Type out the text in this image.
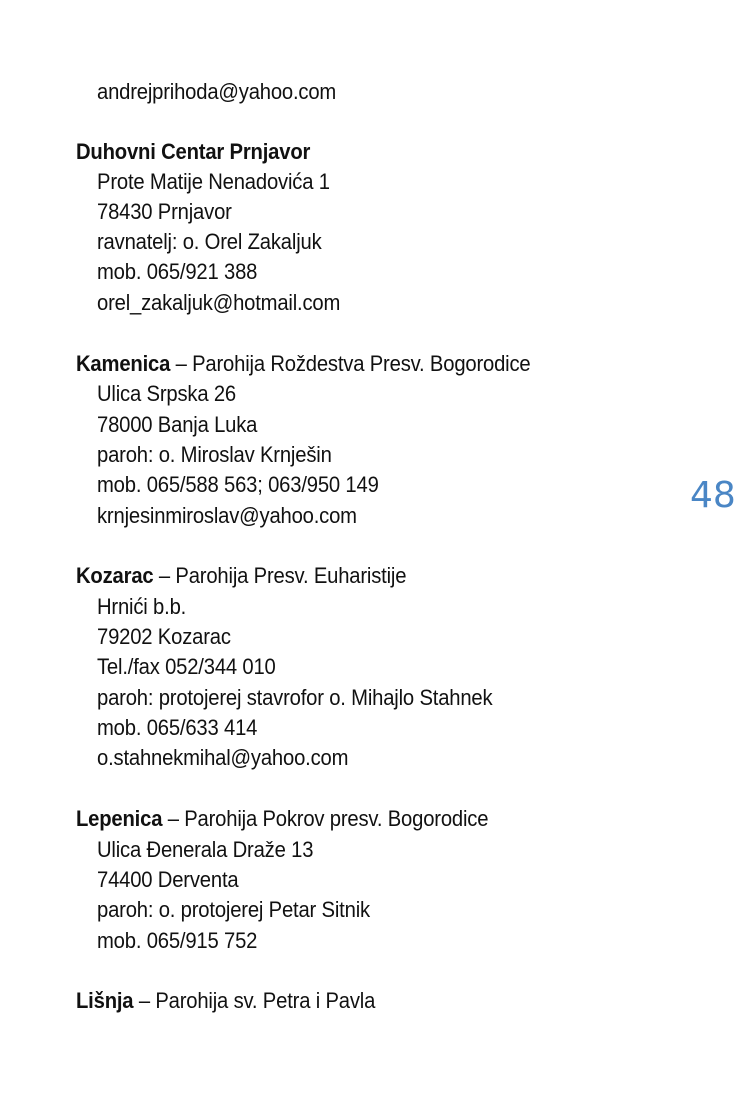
andrejprihoda@yahoo.com
Duhovni Centar Prnjavor
Prote Matije Nenadovića 1
78430 Prnjavor
ravnatelj: o. Orel Zakaljuk
mob. 065/921 388
orel_zakaljuk@hotmail.com
Kamenica – Parohija Roždestva Presv. Bogorodice
Ulica Srpska 26
78000 Banja Luka
paroh: o. Miroslav Krnješin
mob. 065/588 563; 063/950 149
krnjesinmiroslav@yahoo.com
Kozarac – Parohija Presv. Euharistije
Hrnići b.b.
79202 Kozarac
Tel./fax 052/344 010
paroh: protojerej stavrofor o. Mihajlo Stahnek
mob. 065/633 414
o.stahnekmihal@yahoo.com
Lepenica – Parohija Pokrov presv. Bogorodice
Ulica Đenerala Draže 13
74400 Derventa
paroh: o. protojerej Petar Sitnik
mob. 065/915 752
Lišnja – Parohija sv. Petra i Pavla
48
